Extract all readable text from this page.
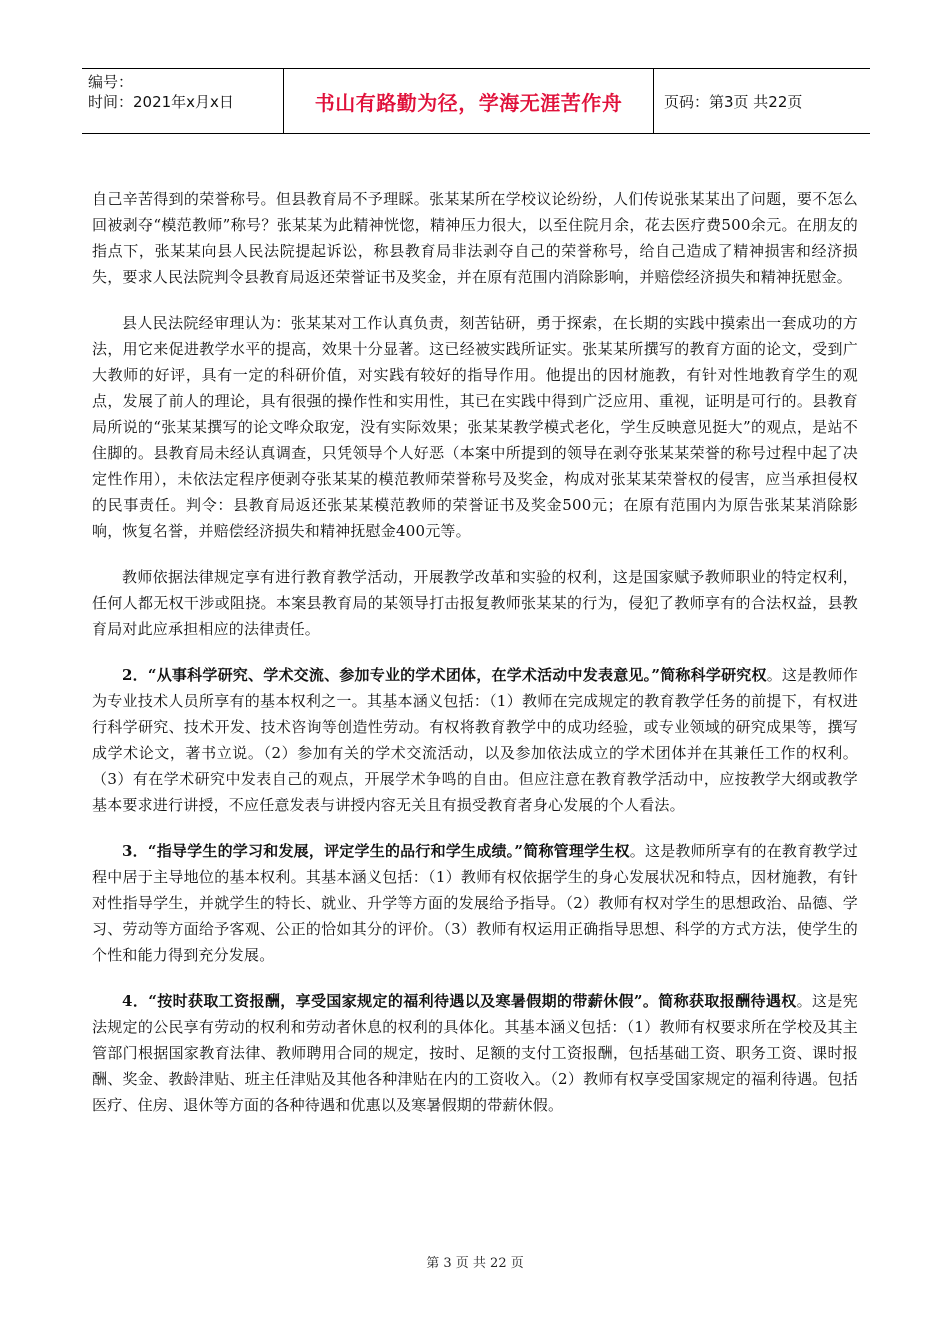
编号：
时间：2021年x月x日	书山有路勤为径，学海无涯苦作舟	页码：第3页 共22页

自己辛苦得到的荣誉称号。但县教育局不予理睬。张某某所在学校议论纷纷，人们传说张某某出了问题，要不怎么回被剥夺“模范教师”称号？张某某为此精神恍惚，精神压力很大，以至住院月余，花去医疗费500余元。在朋友的指点下，张某某向县人民法院提起诉讼，称县教育局非法剥夺自己的荣誉称号，给自己造成了精神损害和经济损失，要求人民法院判令县教育局返还荣誉证书及奖金，并在原有范围内消除影响，并赔偿经济损失和精神抚慰金。

县人民法院经审理认为：张某某对工作认真负责，刻苦钻研，勇于探索，在长期的实践中摸索出一套成功的方法，用它来促进教学水平的提高，效果十分显著。这已经被实践所证实。张某某所撰写的教育方面的论文，受到广大教师的好评，具有一定的科研价值，对实践有较好的指导作用。他提出的因材施教，有针对性地教育学生的观点，发展了前人的理论，具有很强的操作性和实用性，其已在实践中得到广泛应用、重视，证明是可行的。县教育局所说的“张某某撰写的论文哗众取宠，没有实际效果；张某某教学模式老化，学生反映意见挺大”的观点，是站不住脚的。县教育局未经认真调查，只凭领导个人好恶（本案中所提到的领导在剥夺张某某荣誉的称号过程中起了决定性作用），未依法定程序便剥夺张某某的模范教师荣誉称号及奖金，构成对张某某荣誉权的侵害，应当承担侵权的民事责任。判令：县教育局返还张某某模范教师的荣誉证书及奖金500元；在原有范围内为原告张某某消除影响，恢复名誉，并赔偿经济损失和精神抚慰金400元等。

教师依据法律规定享有进行教育教学活动，开展教学改革和实验的权利，这是国家赋予教师职业的特定权利，任何人都无权干涉或阻挠。本案县教育局的某领导打击报复教师张某某的行为，侵犯了教师享有的合法权益，县教育局对此应承担相应的法律责任。

2．“从事科学研究、学术交流、参加专业的学术团体，在学术活动中发表意见。”简称科学研究权。这是教师作为专业技术人员所享有的基本权利之一。其基本涵义包括：（1）教师在完成规定的教育教学任务的前提下，有权进行科学研究、技术开发、技术咨询等创造性劳动。有权将教育教学中的成功经验，或专业领域的研究成果等，撰写成学术论文，著书立说。（2）参加有关的学术交流活动，以及参加依法成立的学术团体并在其兼任工作的权利。（3）有在学术研究中发表自己的观点，开展学术争鸣的自由。但应注意在教育教学活动中，应按教学大纲或教学基本要求进行讲授，不应任意发表与讲授内容无关且有损受教育者身心发展的个人看法。

3．“指导学生的学习和发展，评定学生的品行和学生成绩。”简称管理学生权。这是教师所享有的在教育教学过程中居于主导地位的基本权利。其基本涵义包括：（1）教师有权依据学生的身心发展状况和特点，因材施教，有针对性指导学生，并就学生的特长、就业、升学等方面的发展给予指导。（2）教师有权对学生的思想政治、品德、学习、劳动等方面给予客观、公正的恰如其分的评价。（3）教师有权运用正确指导思想、科学的方式方法，使学生的个性和能力得到充分发展。

4．“按时获取工资报酬，享受国家规定的福利待遇以及寒暑假期的带薪休假”。简称获取报酬待遇权。这是宪法规定的公民享有劳动的权利和劳动者休息的权利的具体化。其基本涵义包括：（1）教师有权要求所在学校及其主管部门根据国家教育法律、教师聘用合同的规定，按时、足额的支付工资报酬，包括基础工资、职务工资、课时报酬、奖金、教龄津贴、班主任津贴及其他各种津贴在内的工资收入。（2）教师有权享受国家规定的福利待遇。包括医疗、住房、退休等方面的各种待遇和优惠以及寒暑假期的带薪休假。

第 3 页 共 22 页
